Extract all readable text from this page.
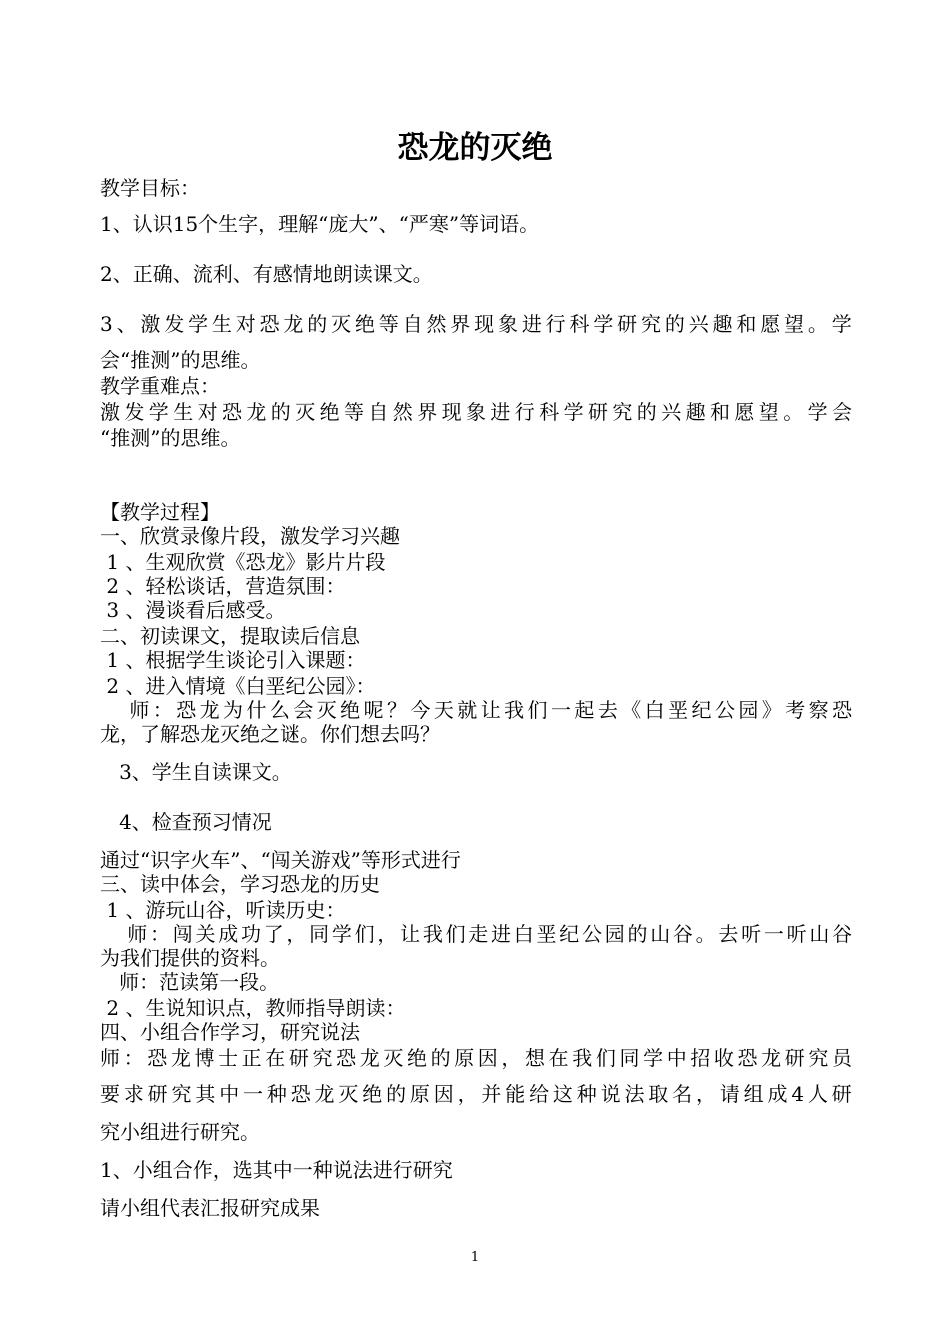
恐龙的灭绝
教学目标：
1、认识15个生字，理解“庞大”、“严寒”等词语。
2、正确、流利、有感情地朗读课文。
3、激发学生对恐龙的灭绝等自然界现象进行科学研究的兴趣和愿望。学
会“推测”的思维。
教学重难点：
激发学生对恐龙的灭绝等自然界现象进行科学研究的兴趣和愿望。学会
“推测”的思维。
【教学过程】
一、欣赏录像片段，激发学习兴趣
1 、生观欣赏《恐龙》影片片段
2 、轻松谈话，营造氛围：
3 、漫谈看后感受。
二、初读课文，提取读后信息
1 、根据学生谈论引入课题：
2 、进入情境《白垩纪公园》：
师：恐龙为什么会灭绝呢？今天就让我们一起去《白垩纪公园》考察恐
龙，了解恐龙灭绝之谜。你们想去吗？
3、学生自读课文。
4、检查预习情况
通过“识字火车”、“闯关游戏”等形式进行
三、读中体会，学习恐龙的历史
1 、游玩山谷，听读历史：
师：闯关成功了，同学们，让我们走进白垩纪公园的山谷。去听一听山谷
为我们提供的资料。
师：范读第一段。
2 、生说知识点，教师指导朗读：
四、小组合作学习，研究说法
师：恐龙博士正在研究恐龙灭绝的原因，想在我们同学中招收恐龙研究员
要求研究其中一种恐龙灭绝的原因，并能给这种说法取名，请组成4人研
究小组进行研究。
1、小组合作，选其中一种说法进行研究
请小组代表汇报研究成果
1
